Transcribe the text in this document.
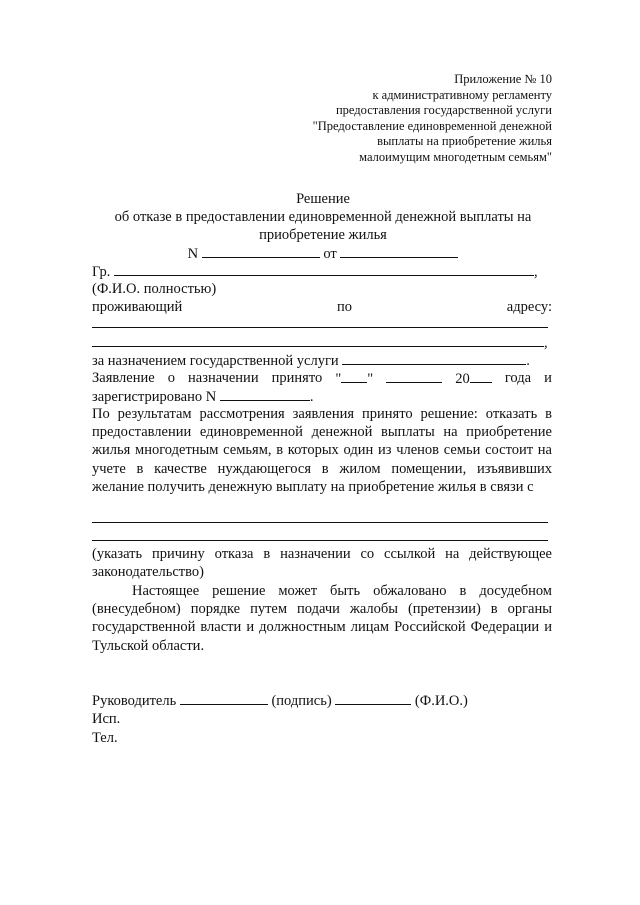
Приложение № 10
к административному регламенту
предоставления государственной услуги
"Предоставление единовременной денежной
выплаты на приобретение жилья
малоимущим многодетным семьям"
Решение
об отказе в предоставлении единовременной денежной выплаты на
приобретение жилья
N	от
Гр.	,
(Ф.И.О. полностью)
проживающий	по	адресу:
,
за назначением государственной услуги	.
Заявление о назначении принято " "	20	года и
зарегистрировано N	.
По результатам рассмотрения заявления принято решение: отказать в предоставлении единовременной денежной выплаты на приобретение жилья многодетным семьям, в которых один из членов семьи состоит на учете в качестве нуждающегося в жилом помещении, изъявивших желание получить денежную выплату на приобретение жилья в связи с
(указать причину отказа в назначении со ссылкой на действующее законодательство)
Настоящее решение может быть обжаловано в досудебном (внесудебном) порядке путем подачи жалобы (претензии) в органы государственной власти и должностным лицам Российской Федерации и Тульской области.
Руководитель	(подпись)	(Ф.И.О.)
Исп.
Тел.
